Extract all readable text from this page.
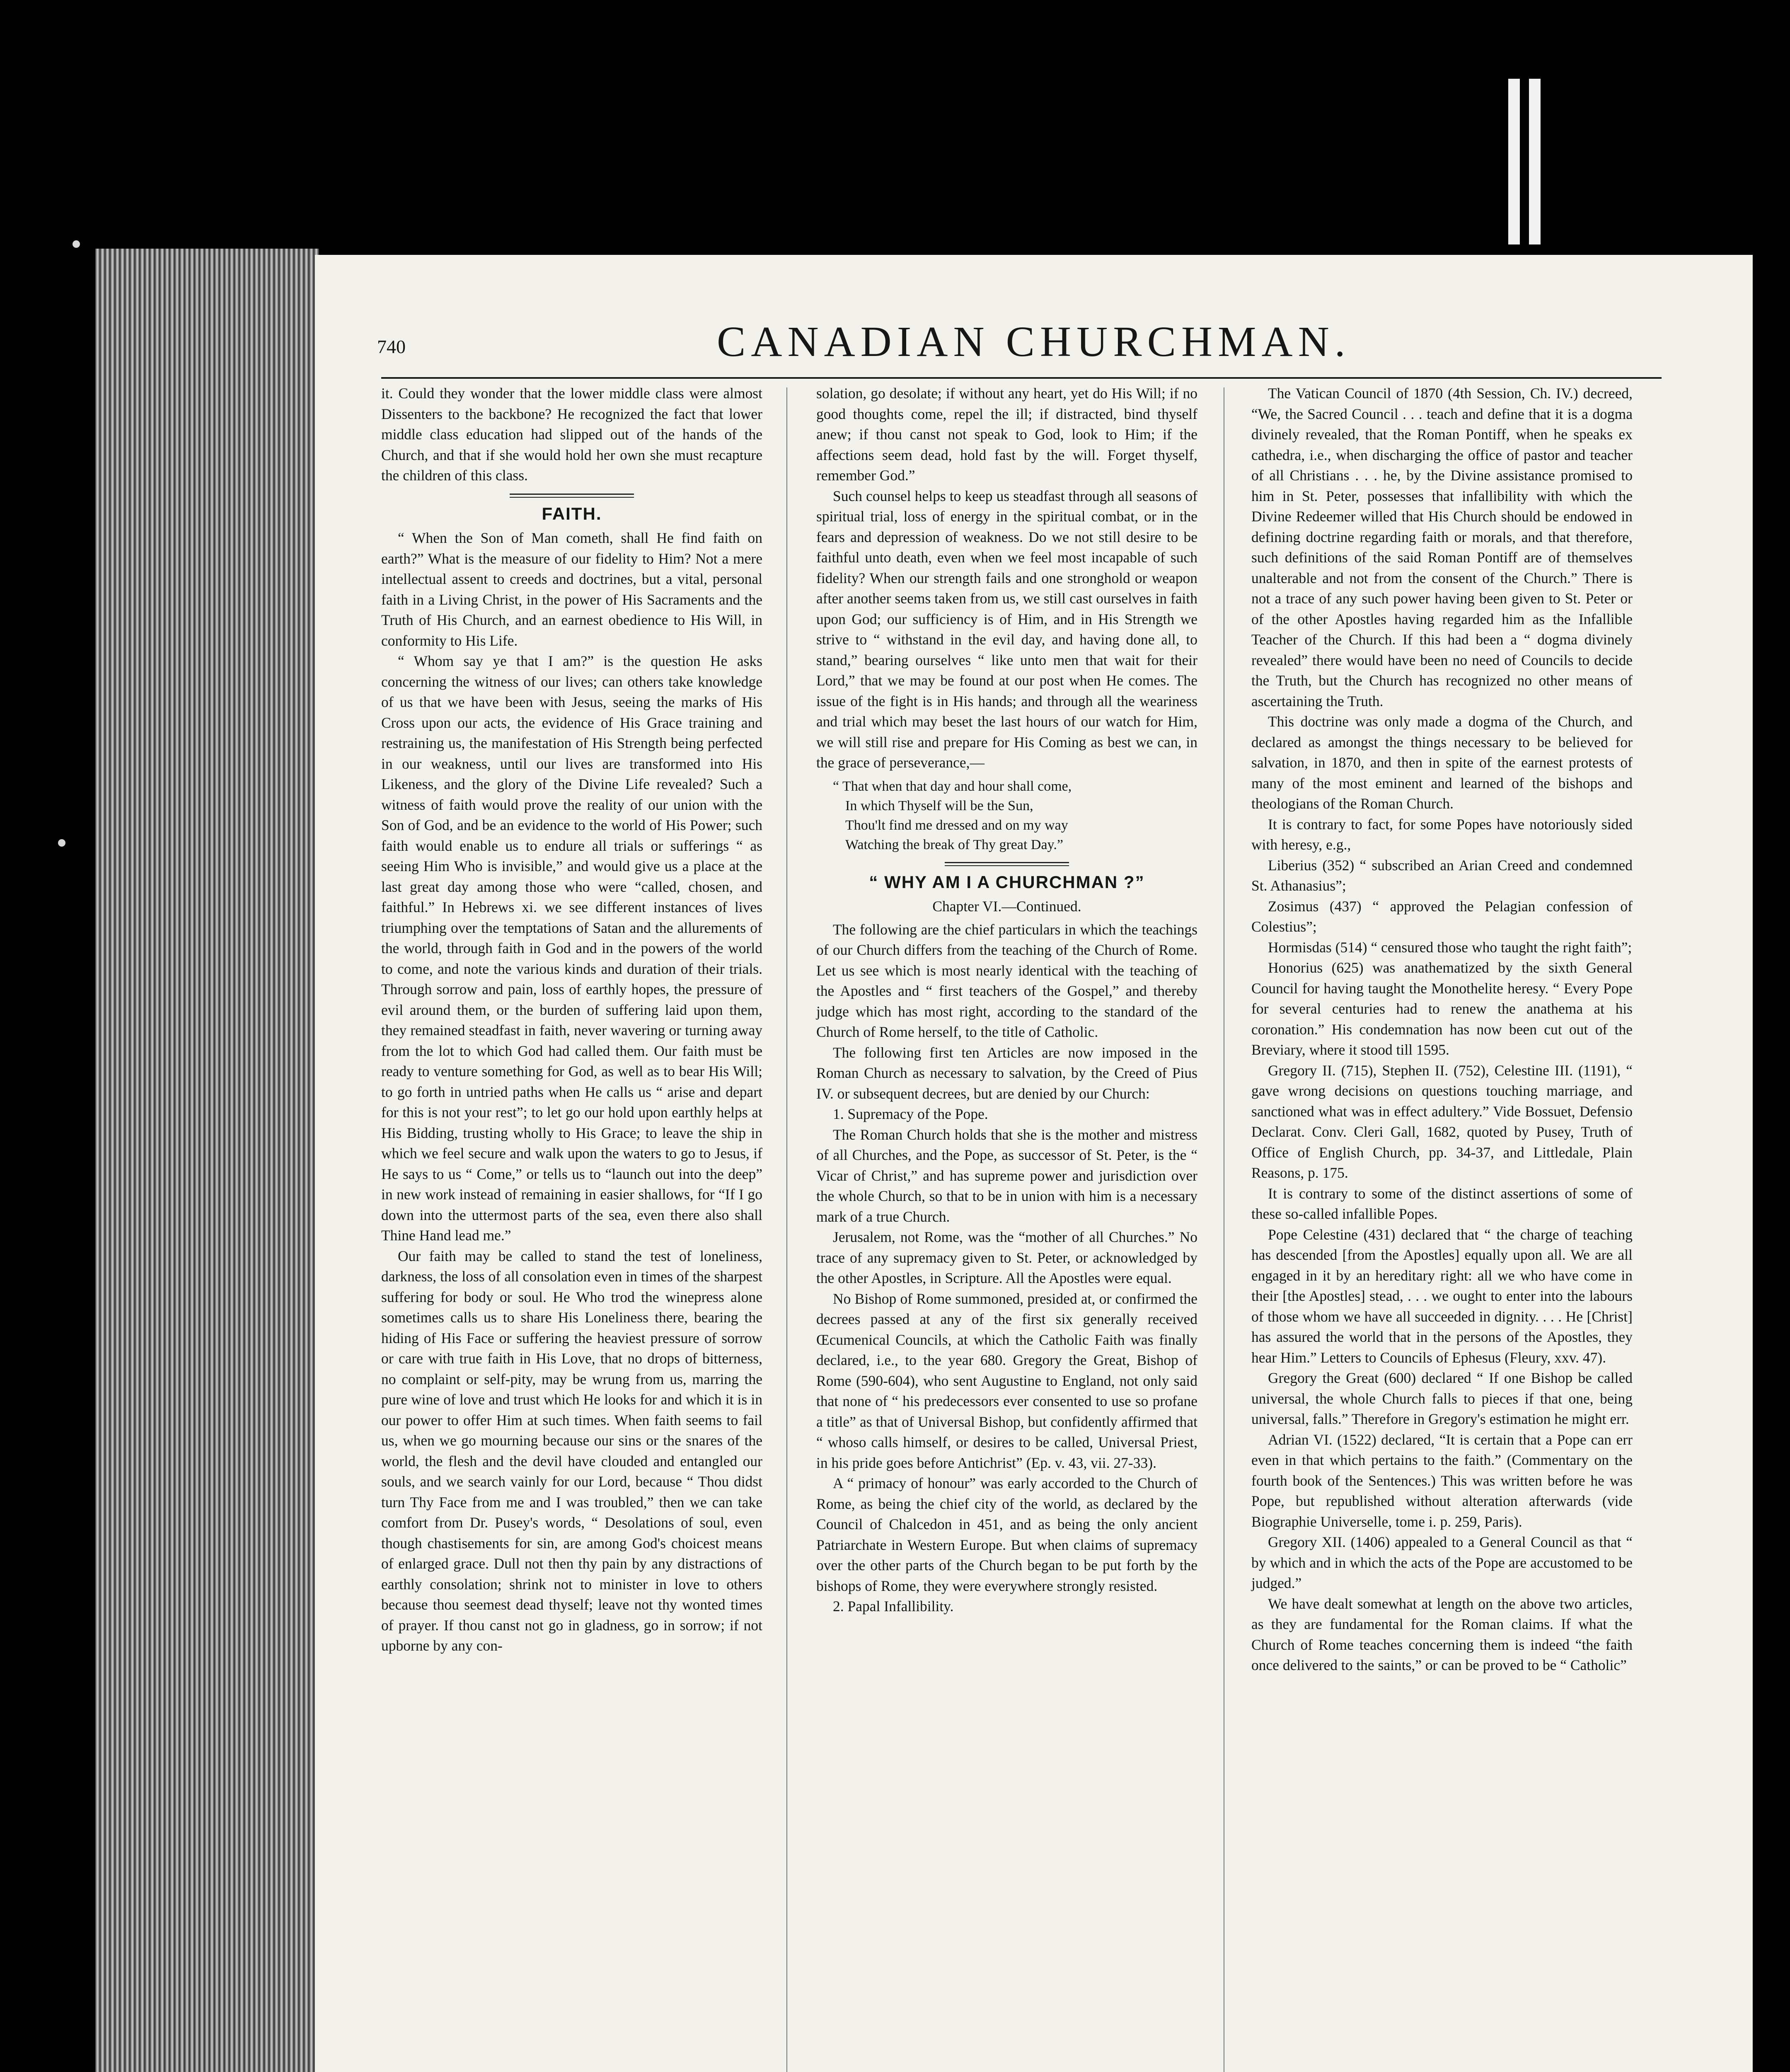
740	CANADIAN CHURCHMAN.

it. Could they wonder that the lower middle class were almost Dissenters to the backbone? He recognized the fact that lower middle class education had slipped out of the hands of the Church, and that if she would hold her own she must recapture the children of this class.

FAITH.

“ When the Son of Man cometh, shall He find faith on earth?” What is the measure of our fidelity to Him? Not a mere intellectual assent to creeds and doctrines, but a vital, personal faith in a Living Christ, in the power of His Sacraments and the Truth of His Church, and an earnest obedience to His Will, in conformity to His Life.

“ Whom say ye that I am?” is the question He asks concerning the witness of our lives; can others take knowledge of us that we have been with Jesus, seeing the marks of His Cross upon our acts, the evidence of His Grace training and restraining us, the manifestation of His Strength being perfected in our weakness, until our lives are transformed into His Likeness, and the glory of the Divine Life revealed? Such a witness of faith would prove the reality of our union with the Son of God, and be an evidence to the world of His Power; such faith would enable us to endure all trials or sufferings “ as seeing Him Who is invisible,” and would give us a place at the last great day among those who were “called, chosen, and faithful.” In Hebrews xi. we see different instances of lives triumphing over the temptations of Satan and the allurements of the world, through faith in God and in the powers of the world to come, and note the various kinds and duration of their trials. Through sorrow and pain, loss of earthly hopes, the pressure of evil around them, or the burden of suffering laid upon them, they remained steadfast in faith, never wavering or turning away from the lot to which God had called them. Our faith must be ready to venture something for God, as well as to bear His Will; to go forth in untried paths when He calls us “ arise and depart for this is not your rest”; to let go our hold upon earthly helps at His Bidding, trusting wholly to His Grace; to leave the ship in which we feel secure and walk upon the waters to go to Jesus, if He says to us “ Come,” or tells us to “launch out into the deep” in new work instead of remaining in easier shallows, for “If I go down into the uttermost parts of the sea, even there also shall Thine Hand lead me.”

Our faith may be called to stand the test of loneliness, darkness, the loss of all consolation even in times of the sharpest suffering for body or soul. He Who trod the winepress alone sometimes calls us to share His Loneliness there, bearing the hiding of His Face or suffering the heaviest pressure of sorrow or care with true faith in His Love, that no drops of bitterness, no complaint or self-pity, may be wrung from us, marring the pure wine of love and trust which He looks for and which it is in our power to offer Him at such times. When faith seems to fail us, when we go mourning because our sins or the snares of the world, the flesh and the devil have clouded and entangled our souls, and we search vainly for our Lord, because “ Thou didst turn Thy Face from me and I was troubled,” then we can take comfort from Dr. Pusey's words, “ Desolations of soul, even though chastisements for sin, are among God's choicest means of enlarged grace. Dull not then thy pain by any distractions of earthly consolation; shrink not to minister in love to others because thou seemest dead thyself; leave not thy wonted times of prayer. If thou canst not go in gladness, go in sorrow; if not upborne by any con-

solation, go desolate; if without any heart, yet do His Will; if no good thoughts come, repel the ill; if distracted, bind thyself anew; if thou canst not speak to God, look to Him; if the affections seem dead, hold fast by the will. Forget thyself, remember God.”

Such counsel helps to keep us steadfast through all seasons of spiritual trial, loss of energy in the spiritual combat, or in the fears and depression of weakness. Do we not still desire to be faithful unto death, even when we feel most incapable of such fidelity? When our strength fails and one stronghold or weapon after another seems taken from us, we still cast ourselves in faith upon God; our sufficiency is of Him, and in His Strength we strive to “ withstand in the evil day, and having done all, to stand,” bearing ourselves “ like unto men that wait for their Lord,” that we may be found at our post when He comes. The issue of the fight is in His hands; and through all the weariness and trial which may beset the last hours of our watch for Him, we will still rise and prepare for His Coming as best we can, in the grace of perseverance,—

“ That when that day and hour shall come,
In which Thyself will be the Sun,
Thou'lt find me dressed and on my way
Watching the break of Thy great Day.”
“ WHY AM I A CHURCHMAN ?”

Chapter VI.—Continued.

The following are the chief particulars in which the teachings of our Church differs from the teaching of the Church of Rome. Let us see which is most nearly identical with the teaching of the Apostles and “ first teachers of the Gospel,” and thereby judge which has most right, according to the standard of the Church of Rome herself, to the title of Catholic.

The following first ten Articles are now imposed in the Roman Church as necessary to salvation, by the Creed of Pius IV. or subsequent decrees, but are denied by our Church:

1. Supremacy of the Pope.

The Roman Church holds that she is the mother and mistress of all Churches, and the Pope, as successor of St. Peter, is the “ Vicar of Christ,” and has supreme power and jurisdiction over the whole Church, so that to be in union with him is a necessary mark of a true Church.

Jerusalem, not Rome, was the “mother of all Churches.” No trace of any supremacy given to St. Peter, or acknowledged by the other Apostles, in Scripture. All the Apostles were equal.

No Bishop of Rome summoned, presided at, or confirmed the decrees passed at any of the first six generally received Œcumenical Councils, at which the Catholic Faith was finally declared, i.e., to the year 680. Gregory the Great, Bishop of Rome (590-604), who sent Augustine to England, not only said that none of “ his predecessors ever consented to use so profane a title” as that of Universal Bishop, but confidently affirmed that “ whoso calls himself, or desires to be called, Universal Priest, in his pride goes before Antichrist” (Ep. v. 43, vii. 27-33).

A “ primacy of honour” was early accorded to the Church of Rome, as being the chief city of the world, as declared by the Council of Chalcedon in 451, and as being the only ancient Patriarchate in Western Europe. But when claims of supremacy over the other parts of the Church began to be put forth by the bishops of Rome, they were everywhere strongly resisted.

2. Papal Infallibility.

The Vatican Council of 1870 (4th Session, Ch. IV.) decreed, “We, the Sacred Council . . . teach and define that it is a dogma divinely revealed, that the Roman Pontiff, when he speaks ex cathedra, i.e., when discharging the office of pastor and teacher of all Christians . . . he, by the Divine assistance promised to him in St. Peter, possesses that infallibility with which the Divine Redeemer willed that His Church should be endowed in defining doctrine regarding faith or morals, and that therefore, such definitions of the said Roman Pontiff are of themselves unalterable and not from the consent of the Church.” There is not a trace of any such power having been given to St. Peter or of the other Apostles having regarded him as the Infallible Teacher of the Church. If this had been a “ dogma divinely revealed” there would have been no need of Councils to decide the Truth, but the Church has recognized no other means of ascertaining the Truth.

This doctrine was only made a dogma of the Church, and declared as amongst the things necessary to be believed for salvation, in 1870, and then in spite of the earnest protests of many of the most eminent and learned of the bishops and theologians of the Roman Church.

It is contrary to fact, for some Popes have notoriously sided with heresy, e.g.,

Liberius (352) “ subscribed an Arian Creed and condemned St. Athanasius”;

Zosimus (437) “ approved the Pelagian confession of Colestius”;

Hormisdas (514) “ censured those who taught the right faith”;

Honorius (625) was anathematized by the sixth General Council for having taught the Monothelite heresy. “ Every Pope for several centuries had to renew the anathema at his coronation.” His condemnation has now been cut out of the Breviary, where it stood till 1595.

Gregory II. (715), Stephen II. (752), Celestine III. (1191), “ gave wrong decisions on questions touching marriage, and sanctioned what was in effect adultery.” Vide Bossuet, Defensio Declarat. Conv. Cleri Gall, 1682, quoted by Pusey, Truth of Office of English Church, pp. 34-37, and Littledale, Plain Reasons, p. 175.

It is contrary to some of the distinct assertions of some of these so-called infallible Popes.

Pope Celestine (431) declared that “ the charge of teaching has descended [from the Apostles] equally upon all. We are all engaged in it by an hereditary right: all we who have come in their [the Apostles] stead, . . . we ought to enter into the labours of those whom we have all succeeded in dignity. . . . He [Christ] has assured the world that in the persons of the Apostles, they hear Him.” Letters to Councils of Ephesus (Fleury, xxv. 47).

Gregory the Great (600) declared “ If one Bishop be called universal, the whole Church falls to pieces if that one, being universal, falls.” Therefore in Gregory's estimation he might err.

Adrian VI. (1522) declared, “It is certain that a Pope can err even in that which pertains to the faith.” (Commentary on the fourth book of the Sentences.) This was written before he was Pope, but republished without alteration afterwards (vide Biographie Universelle, tome i. p. 259, Paris).

Gregory XII. (1406) appealed to a General Council as that “ by which and in which the acts of the Pope are accustomed to be judged.”

We have dealt somewhat at length on the above two articles, as they are fundamental for the Roman claims. If what the Church of Rome teaches concerning them is indeed “the faith once delivered to the saints,” or can be proved to be “ Catholic”
